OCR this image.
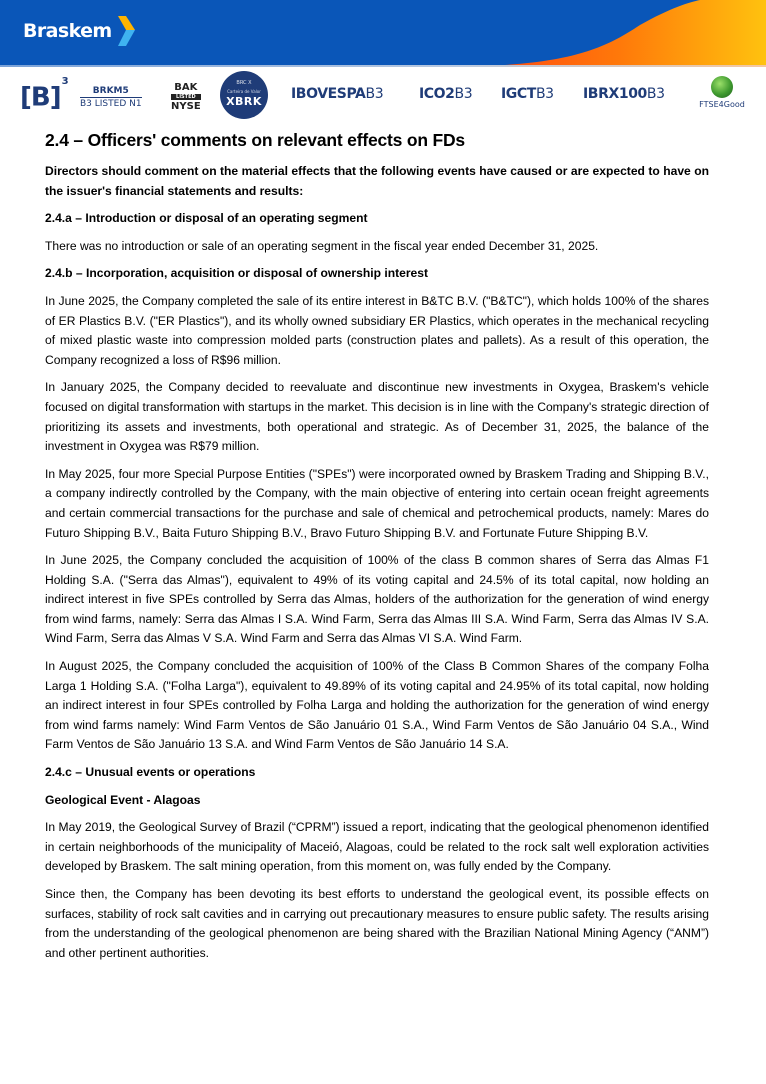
Braskem
$[B]^3$
BRKM5
B3 LISTED N1
BAK
LISTED
NYSE
BRC X
Carteira de Valor
XBRK	IBOVESPAB3	ICO2B3 IGCTB3 IBRX100B3
FTSE4Good
2.4 – Officers' comments on relevant effects on FDs

Directors should comment on the material effects that the following events have caused or are expected to have on the issuer's financial statements and results:

2.4.a – Introduction or disposal of an operating segment

There was no introduction or sale of an operating segment in the fiscal year ended December 31, 2025.

2.4.b – Incorporation, acquisition or disposal of ownership interest

In June 2025, the Company completed the sale of its entire interest in B&TC B.V. ("B&TC"), which holds 100% of the shares of ER Plastics B.V. ("ER Plastics"), and its wholly owned subsidiary ER Plastics, which operates in the mechanical recycling of mixed plastic waste into compression molded parts (construction plates and pallets). As a result of this operation, the Company recognized a loss of R$96 million.

In January 2025, the Company decided to reevaluate and discontinue new investments in Oxygea, Braskem's vehicle focused on digital transformation with startups in the market. This decision is in line with the Company's strategic direction of prioritizing its assets and investments, both operational and strategic. As of December 31, 2025, the balance of the investment in Oxygea was R$79 million.

In May 2025, four more Special Purpose Entities ("SPEs") were incorporated owned by Braskem Trading and Shipping B.V., a company indirectly controlled by the Company, with the main objective of entering into certain ocean freight agreements and certain commercial transactions for the purchase and sale of chemical and petrochemical products, namely: Mares do Futuro Shipping B.V., Baita Futuro Shipping B.V., Bravo Futuro Shipping B.V. and Fortunate Future Shipping B.V.

In June 2025, the Company concluded the acquisition of 100% of the class B common shares of Serra das Almas F1 Holding S.A. ("Serra das Almas"), equivalent to 49% of its voting capital and 24.5% of its total capital, now holding an indirect interest in five SPEs controlled by Serra das Almas, holders of the authorization for the generation of wind energy from wind farms, namely: Serra das Almas I S.A. Wind Farm, Serra das Almas III S.A. Wind Farm, Serra das Almas IV S.A. Wind Farm, Serra das Almas V S.A. Wind Farm and Serra das Almas VI S.A. Wind Farm.

In August 2025, the Company concluded the acquisition of 100% of the Class B Common Shares of the company Folha Larga 1 Holding S.A. ("Folha Larga"), equivalent to 49.89% of its voting capital and 24.95% of its total capital, now holding an indirect interest in four SPEs controlled by Folha Larga and holding the authorization for the generation of wind energy from wind farms namely: Wind Farm Ventos de São Januário 01 S.A., Wind Farm Ventos de São Januário 04 S.A., Wind Farm Ventos de São Januário 13 S.A. and Wind Farm Ventos de São Januário 14 S.A.

2.4.c – Unusual events or operations
Geological Event - Alagoas

In May 2019, the Geological Survey of Brazil (“CPRM”) issued a report, indicating that the geological phenomenon identified in certain neighborhoods of the municipality of Maceió, Alagoas, could be related to the rock salt well exploration activities developed by Braskem. The salt mining operation, from this moment on, was fully ended by the Company.

Since then, the Company has been devoting its best efforts to understand the geological event, its possible effects on surfaces, stability of rock salt cavities and in carrying out precautionary measures to ensure public safety. The results arising from the understanding of the geological phenomenon are being shared with the Brazilian National Mining Agency (“ANM”) and other pertinent authorities.
